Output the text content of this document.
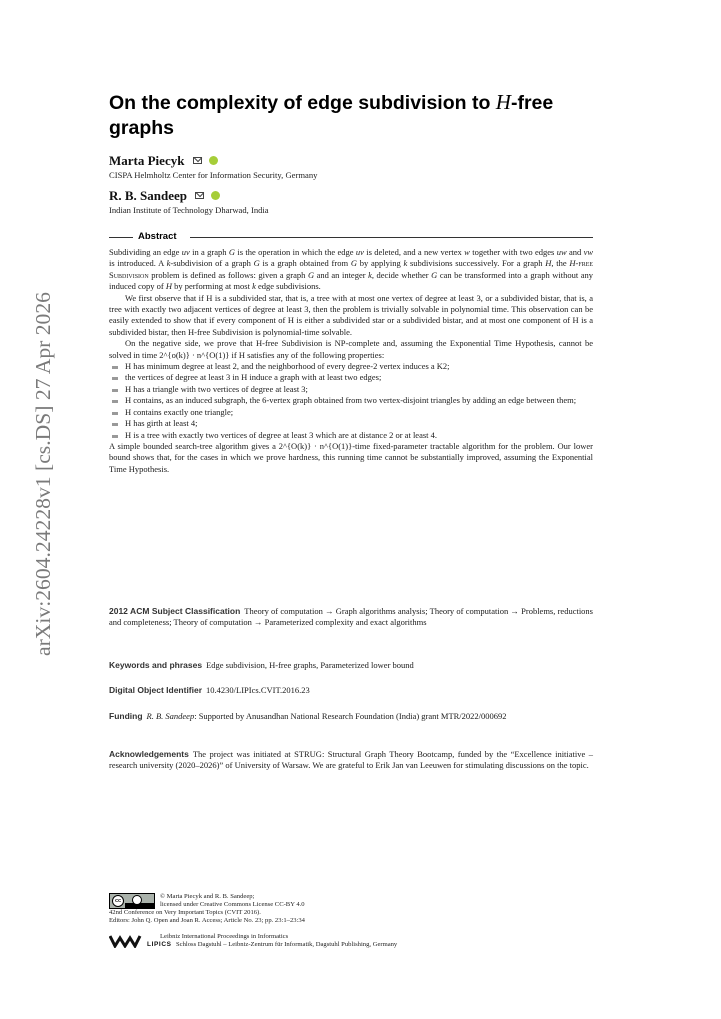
arXiv:2604.24228v1 [cs.DS] 27 Apr 2026
On the complexity of edge subdivision to H-free graphs
Marta Piecyk
CISPA Helmholtz Center for Information Security, Germany
R. B. Sandeep
Indian Institute of Technology Dharwad, India
Abstract

Subdividing an edge uv in a graph G is the operation in which the edge uv is deleted, and a new vertex w together with two edges uw and vw is introduced. A k-subdivision of a graph G is a graph obtained from G by applying k subdivisions successively. For a graph H, the H-free Subdivision problem is defined as follows: given a graph G and an integer k, decide whether G can be transformed into a graph without any induced copy of H by performing at most k edge subdivisions.

We first observe that if H is a subdivided star, that is, a tree with at most one vertex of degree at least 3, or a subdivided bistar, that is, a tree with exactly two adjacent vertices of degree at least 3, then the problem is trivially solvable in polynomial time. This observation can be easily extended to show that if every component of H is either a subdivided star or a subdivided bistar, and at most one component of H is a subdivided bistar, then H-free Subdivision is polynomial-time solvable.

On the negative side, we prove that H-free Subdivision is NP-complete and, assuming the Exponential Time Hypothesis, cannot be solved in time 2^{o(k)} · n^{O(1)} if H satisfies any of the following properties:

H has minimum degree at least 2, and the neighborhood of every degree-2 vertex induces a K2;
the vertices of degree at least 3 in H induce a graph with at least two edges;
H has a triangle with two vertices of degree at least 3;
H contains, as an induced subgraph, the 6-vertex graph obtained from two vertex-disjoint triangles by adding an edge between them;
H contains exactly one triangle;
H has girth at least 4;
H is a tree with exactly two vertices of degree at least 3 which are at distance 2 or at least 4.

A simple bounded search-tree algorithm gives a 2^{O(k)} · n^{O(1)}-time fixed-parameter tractable algorithm for the problem. Our lower bound shows that, for the cases in which we prove hardness, this running time cannot be substantially improved, assuming the Exponential Time Hypothesis.

2012 ACM Subject Classification Theory of computation → Graph algorithms analysis; Theory of computation → Problems, reductions and completeness; Theory of computation → Parameterized complexity and exact algorithms
Keywords and phrases Edge subdivision, H-free graphs, Parameterized lower bound
Digital Object Identifier 10.4230/LIPIcs.CVIT.2016.23
Funding R. B. Sandeep: Supported by Anusandhan National Research Foundation (India) grant MTR/2022/000692
Acknowledgements The project was initiated at STRUG: Structural Graph Theory Bootcamp, funded by the “Excellence initiative – research university (2020–2026)” of University of Warsaw. We are grateful to Erik Jan van Leeuwen for stimulating discussions on the topic.
cc
© Marta Piecyk and R. B. Sandeep;
licensed under Creative Commons License CC-BY 4.0
42nd Conference on Very Important Topics (CVIT 2016).
Editors: John Q. Open and Joan R. Access; Article No. 23; pp. 23:1–23:34
LIPICS
Leibniz International Proceedings in Informatics
Schloss Dagstuhl – Leibniz-Zentrum für Informatik, Dagstuhl Publishing, Germany
